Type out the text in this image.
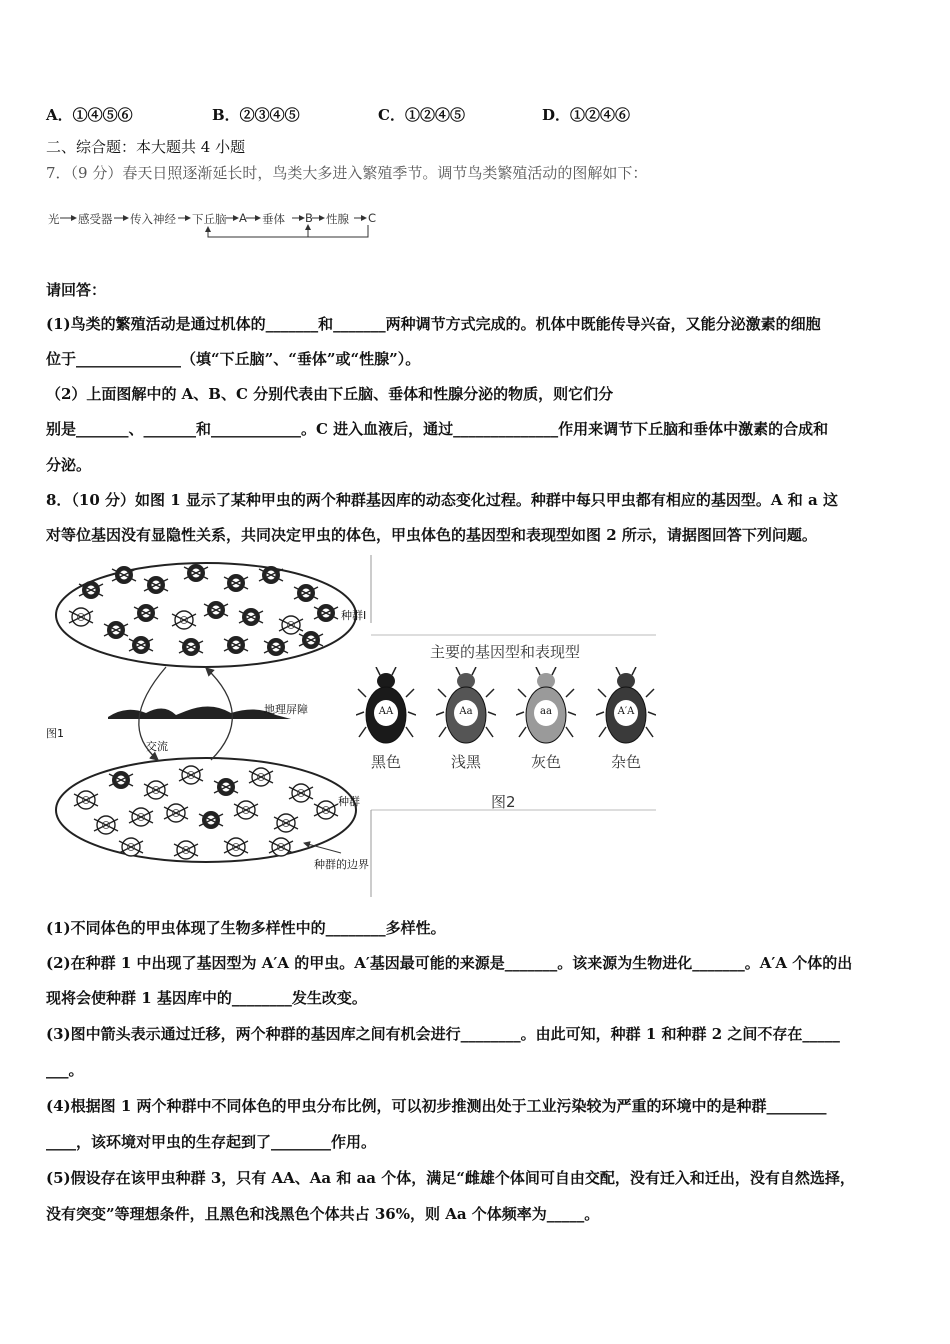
A．①④⑤⑥	B．②③④⑤	C．①②④⑤	D．①②④⑥
二、综合题：本大题共 4 小题
7．（9 分）春天日照逐渐延长时，鸟类大多进入繁殖季节。调节鸟类繁殖活动的图解如下：
光 感受器 传入神经 下丘脑 A 垂体 B 性腺 C
请回答：
(1)鸟类的繁殖活动是通过机体的_______和_______两种调节方式完成的。机体中既能传导兴奋，又能分泌激素的细胞
位于______________（填“下丘脑”、“垂体”或“性腺”）。
（2）上面图解中的 A、B、C 分别代表由下丘脑、垂体和性腺分泌的物质，则它们分
别是_______、_______和____________。C 进入血液后，通过______________作用来调节下丘脑和垂体中激素的合成和
分泌。
8．（10 分）如图 1 显示了某种甲虫的两个种群基因库的动态变化过程。种群中每只甲虫都有相应的基因型。A 和 a 这
对等位基因没有显隐性关系，共同决定甲虫的体色，甲虫体色的基因型和表现型如图 2 所示，请据图回答下列问题。
种群Ⅰ
地理屏障
交流
图1
种群
种群的边界
主要的基因型和表现型
AA
黑色
Aa
浅黑
aa
灰色
A′A
杂色
图2
(1)不同体色的甲虫体现了生物多样性中的________多样性。
(2)在种群 1 中出现了基因型为 A′A 的甲虫。A′基因最可能的来源是_______。该来源为生物进化_______。A′A 个体的出
现将会使种群 1 基因库中的________发生改变。
(3)图中箭头表示通过迁移，两个种群的基因库之间有机会进行________。由此可知，种群 1 和种群 2 之间不存在_____
___。
(4)根据图 1 两个种群中不同体色的甲虫分布比例，可以初步推测出处于工业污染较为严重的环境中的是种群________
____，该环境对甲虫的生存起到了________作用。
(5)假设存在该甲虫种群 3，只有 AA、Aa 和 aa 个体，满足“雌雄个体间可自由交配，没有迁入和迁出，没有自然选择，
没有突变”等理想条件，且黑色和浅黑色个体共占 36%，则 Aa 个体频率为_____。
